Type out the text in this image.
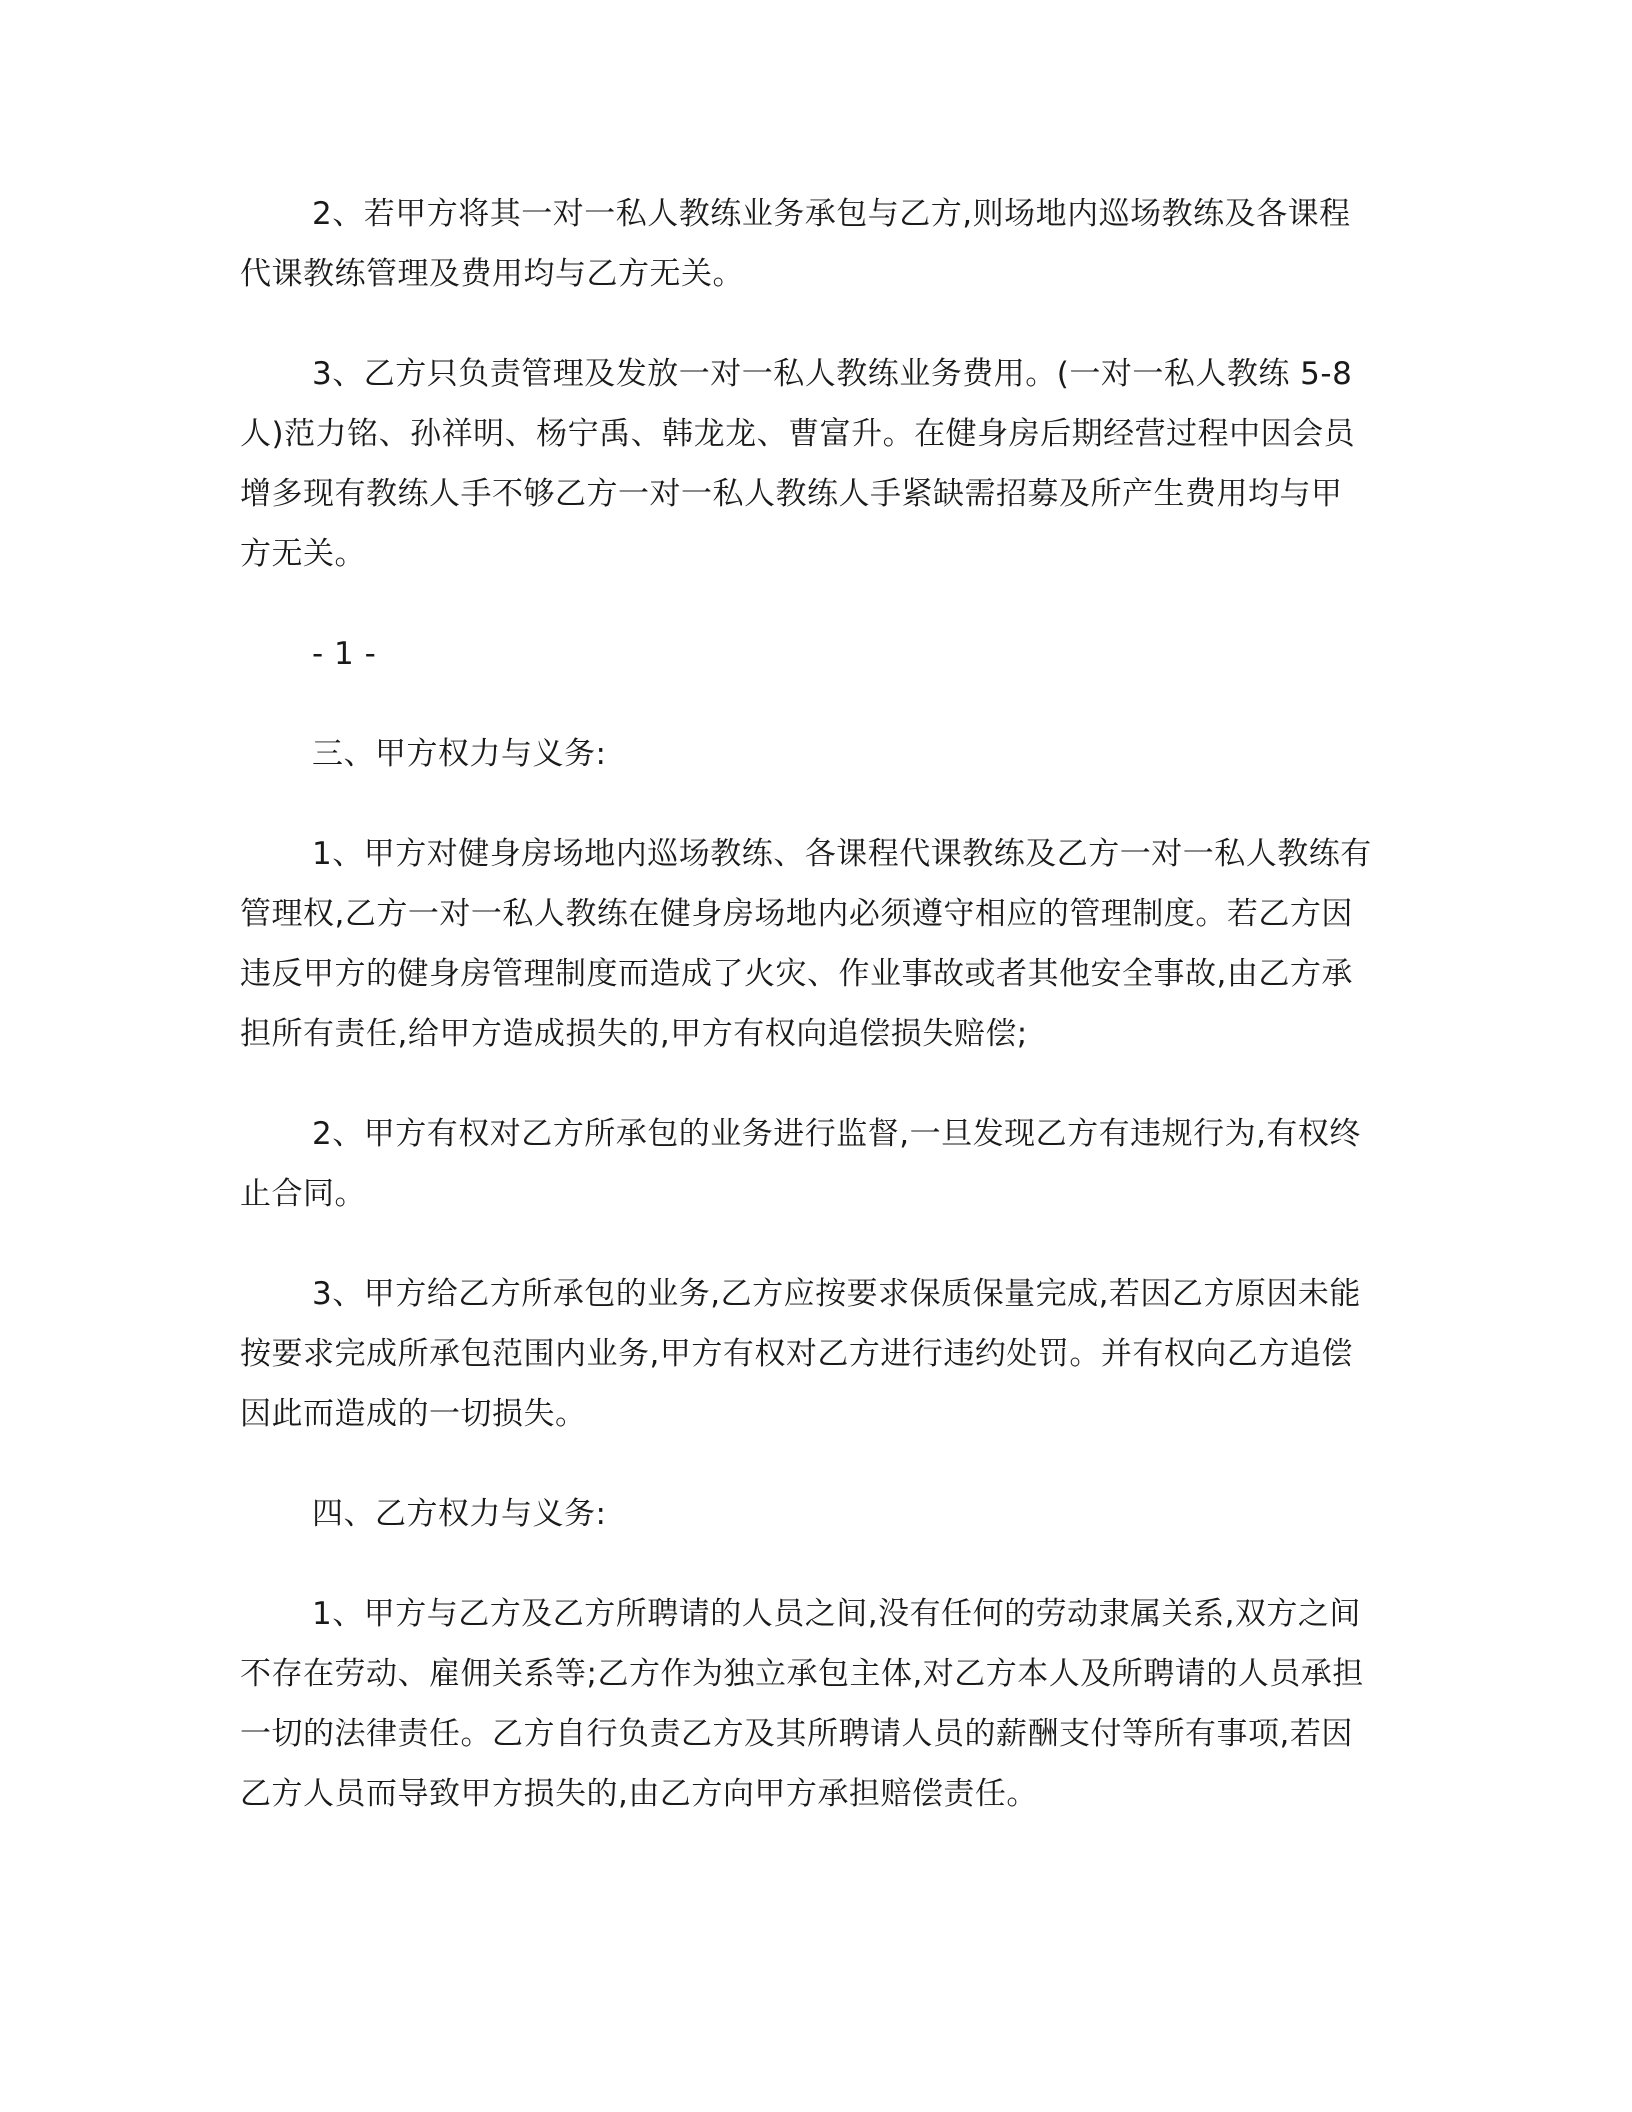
2、若甲方将其一对一私人教练业务承包与乙方,则场地内巡场教练及各课程
代课教练管理及费用均与乙方无关。

3、乙方只负责管理及发放一对一私人教练业务费用。(一对一私人教练 5-8
人)范力铭、孙祥明、杨宁禹、韩龙龙、曹富升。在健身房后期经营过程中因会员
增多现有教练人手不够乙方一对一私人教练人手紧缺需招募及所产生费用均与甲
方无关。

- 1 -
三、甲方权力与义务:

1、甲方对健身房场地内巡场教练、各课程代课教练及乙方一对一私人教练有
管理权,乙方一对一私人教练在健身房场地内必须遵守相应的管理制度。若乙方因
违反甲方的健身房管理制度而造成了火灾、作业事故或者其他安全事故,由乙方承
担所有责任,给甲方造成损失的,甲方有权向追偿损失赔偿;

2、甲方有权对乙方所承包的业务进行监督,一旦发现乙方有违规行为,有权终
止合同。

3、甲方给乙方所承包的业务,乙方应按要求保质保量完成,若因乙方原因未能
按要求完成所承包范围内业务,甲方有权对乙方进行违约处罚。并有权向乙方追偿
因此而造成的一切损失。

四、乙方权力与义务:

1、甲方与乙方及乙方所聘请的人员之间,没有任何的劳动隶属关系,双方之间
不存在劳动、雇佣关系等;乙方作为独立承包主体,对乙方本人及所聘请的人员承担
一切的法律责任。乙方自行负责乙方及其所聘请人员的薪酬支付等所有事项,若因
乙方人员而导致甲方损失的,由乙方向甲方承担赔偿责任。
